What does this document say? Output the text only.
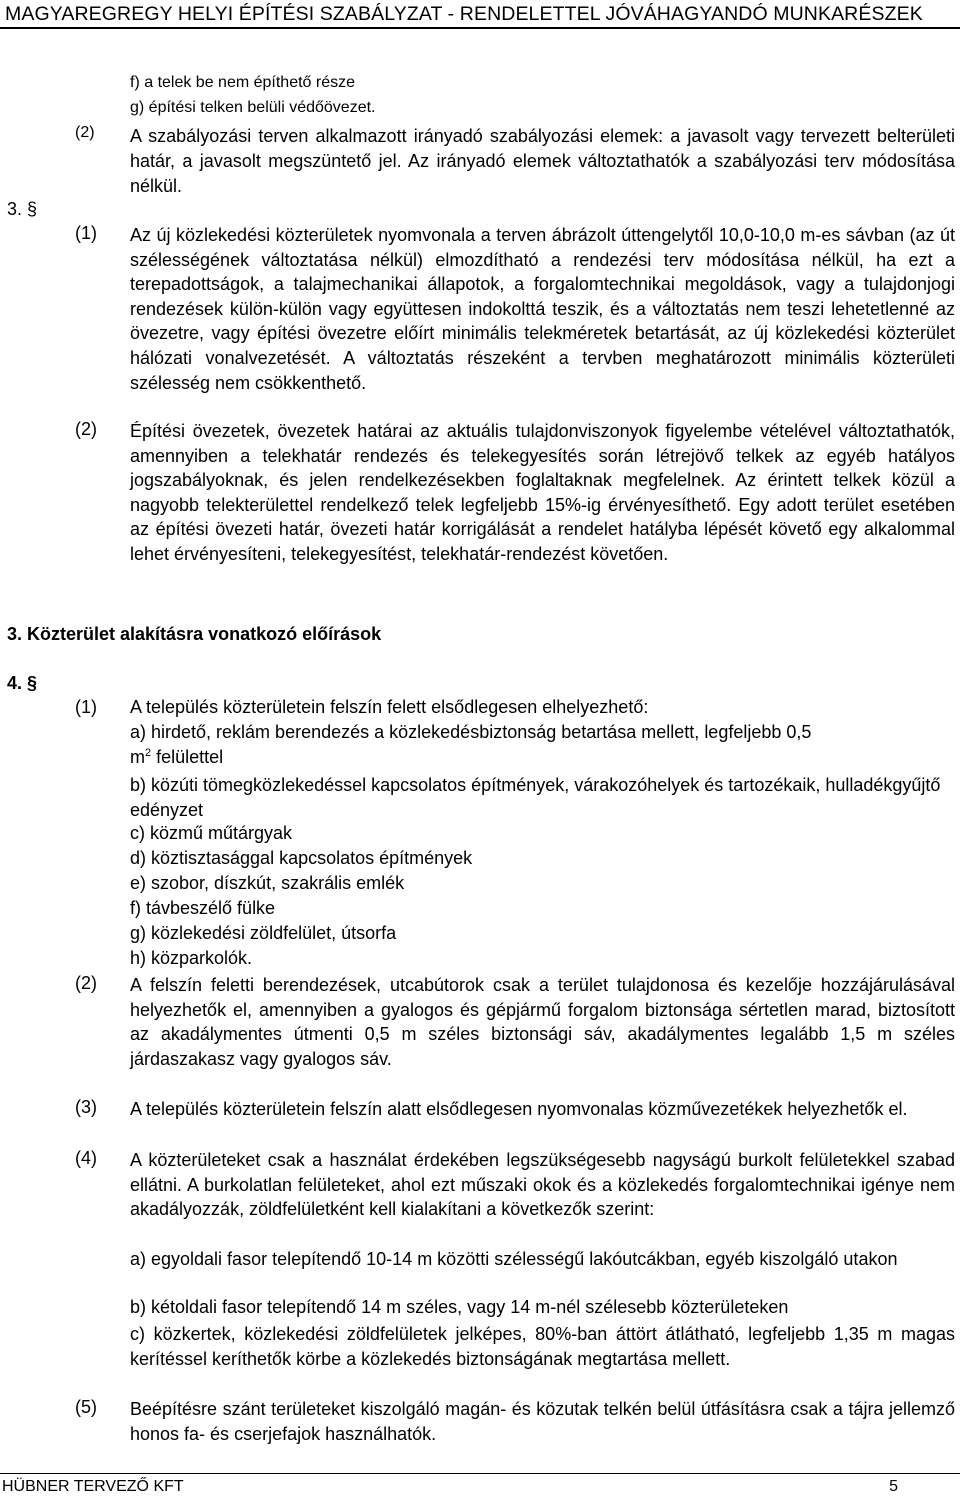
MAGYAREGREGY HELYI ÉPÍTÉSI SZABÁLYZAT - RENDELETTEL JÓVÁHAGYANDÓ MUNKARÉSZEK
f) a telek be nem építhető része
g) építési telken belüli védőövezet.
(2) A szabályozási terven alkalmazott irányadó szabályozási elemek: a javasolt vagy tervezett belterületi határ, a javasolt megszüntető jel. Az irányadó elemek változtathatók a szabályozási terv módosítása nélkül.
3. §
(1) Az új közlekedési közterületek nyomvonala a terven ábrázolt úttengelytől 10,0-10,0 m-es sávban (az út szélességének változtatása nélkül) elmozdítható a rendezési terv módosítása nélkül, ha ezt a terepadottságok, a talajmechanikai állapotok, a forgalomtechnikai megoldások, vagy a tulajdonjogi rendezések külön-külön vagy együttesen indokolttá teszik, és a változtatás nem teszi lehetetlenné az övezetre, vagy építési övezetre előírt minimális telekméretek betartását, az új közlekedési közterület hálózati vonalvezetését. A változtatás részeként a tervben meghatározott minimális közterületi szélesség nem csökkenthető.
(2) Építési övezetek, övezetek határai az aktuális tulajdonviszonyok figyelembe vételével változtathatók, amennyiben a telekhatár rendezés és telekegyesítés során létrejövő telkek az egyéb hatályos jogszabályoknak, és jelen rendelkezésekben foglaltaknak megfelelnek. Az érintett telkek közül a nagyobb telekterülettel rendelkező telek legfeljebb 15%-ig érvényesíthető. Egy adott terület esetében az építési övezeti határ, övezeti határ korrigálását a rendelet hatályba lépését követő egy alkalommal lehet érvényesíteni, telekegyesítést, telekhatár-rendezést követően.
3. Közterület alakításra vonatkozó előírások
4. §
(1) A település közterületein felszín felett elsődlegesen elhelyezhető:
a) hirdető, reklám berendezés a közlekedésbiztonság betartása mellett, legfeljebb 0,5
$m^2$ felülettel
b) közúti tömegközlekedéssel kapcsolatos építmények, várakozóhelyek és tartozékaik, hulladékgyűjtő edényzet
c) közmű műtárgyak
d) köztisztasággal kapcsolatos építmények
e) szobor, díszkút, szakrális emlék
f) távbeszélő fülke
g) közlekedési zöldfelület, útsorfa
h) közparkolók.
(2) A felszín feletti berendezések, utcabútorok csak a terület tulajdonosa és kezelője hozzájárulásával helyezhetők el, amennyiben a gyalogos és gépjármű forgalom biztonsága sértetlen marad, biztosított az akadálymentes útmenti 0,5 m széles biztonsági sáv, akadálymentes legalább 1,5 m széles járdaszakasz vagy gyalogos sáv.
(3) A település közterületein felszín alatt elsődlegesen nyomvonalas közművezetékek helyezhetők el.
(4) A közterületeket csak a használat érdekében legszükségesebb nagyságú burkolt felületekkel szabad ellátni. A burkolatlan felületeket, ahol ezt műszaki okok és a közlekedés forgalomtechnikai igénye nem akadályozzák, zöldfelületként kell kialakítani a következők szerint:
a) egyoldali fasor telepítendő 10-14 m közötti szélességű lakóutcákban, egyéb kiszolgáló utakon
b) kétoldali fasor telepítendő 14 m széles, vagy 14 m-nél szélesebb közterületeken
c) közkertek, közlekedési zöldfelületek jelképes, 80%-ban áttört átlátható, legfeljebb 1,35 m magas kerítéssel keríthetők körbe a közlekedés biztonságának megtartása mellett.
(5) Beépítésre szánt területeket kiszolgáló magán- és közutak telkén belül útfásításra csak a tájra jellemző honos fa- és cserjefajok használhatók.
HÜBNER TERVEZŐ KFT	5
